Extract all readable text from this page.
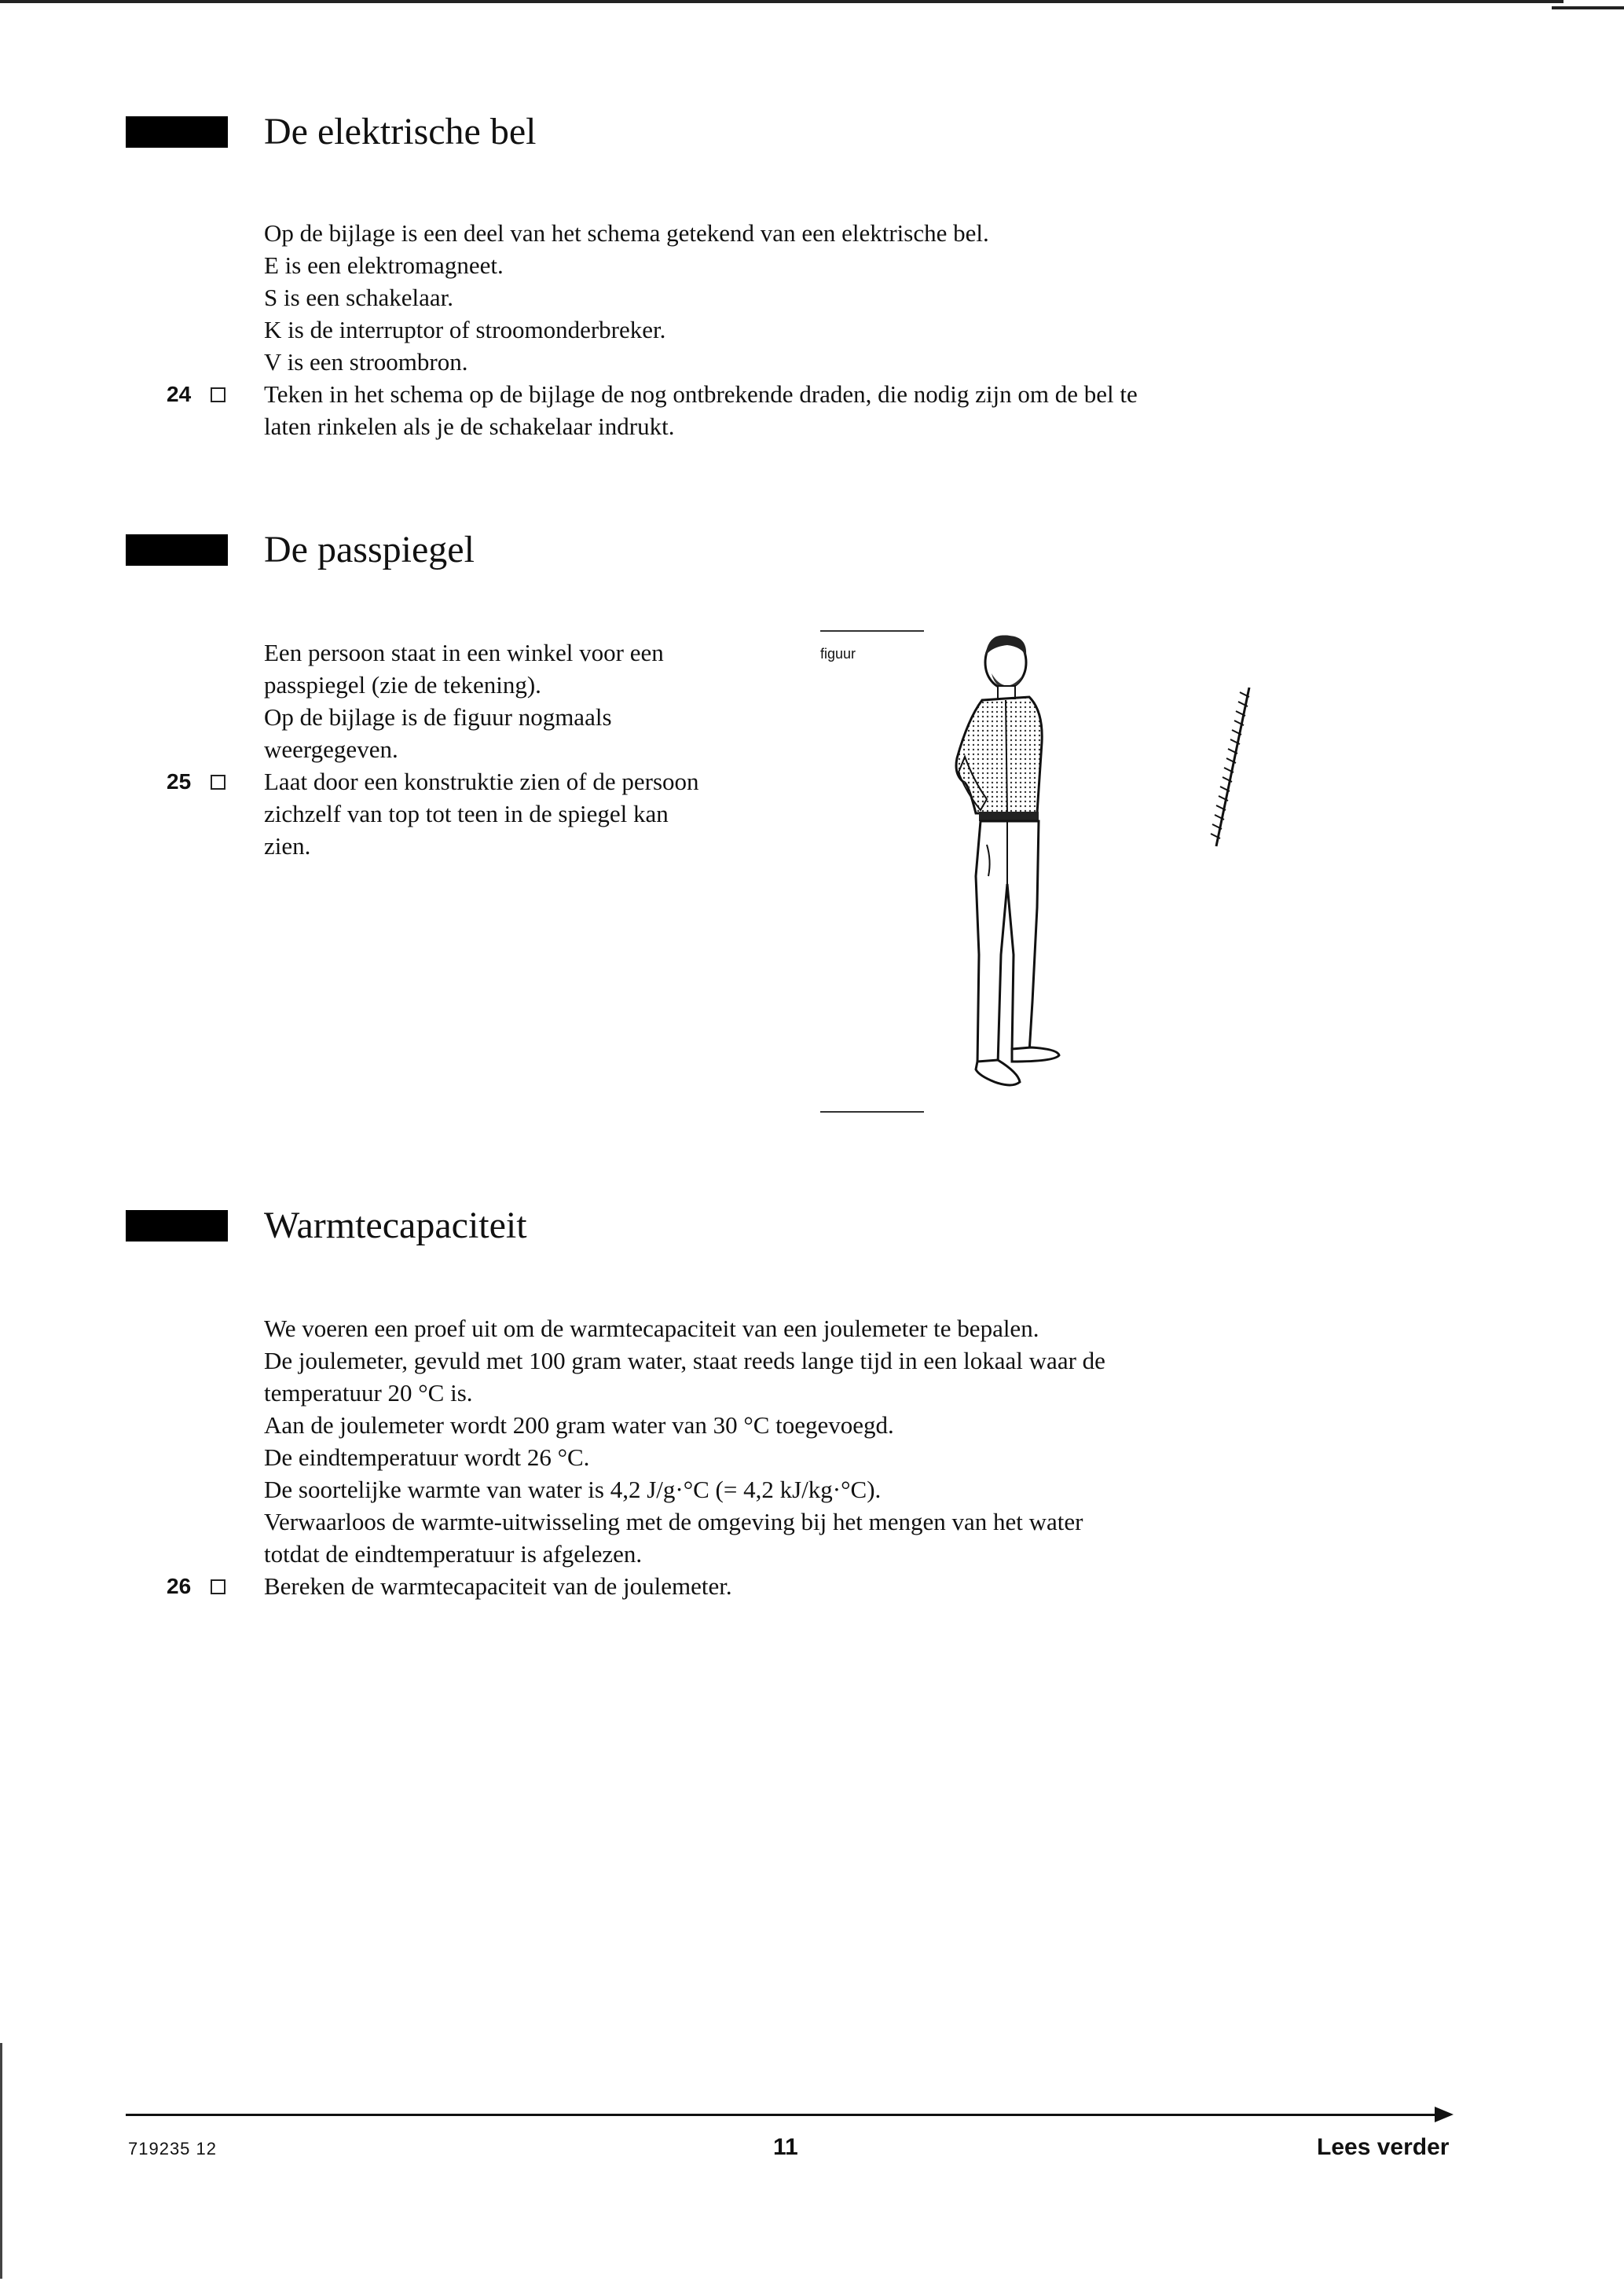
De elektrische bel
Op de bijlage is een deel van het schema getekend van een elektrische bel.
E is een elektromagneet.
S is een schakelaar.
K is de interruptor of stroomonderbreker.
V is een stroombron.
24	Teken in het schema op de bijlage de nog ontbrekende draden, die nodig zijn om de bel te
laten rinkelen als je de schakelaar indrukt.
De passpiegel
Een persoon staat in een winkel voor een
passpiegel (zie de tekening).
Op de bijlage is de figuur nogmaals
weergegeven.
25	Laat door een konstruktie zien of de persoon
zichzelf van top tot teen in de spiegel kan
zien.
figuur
Warmtecapaciteit
We voeren een proef uit om de warmtecapaciteit van een joulemeter te bepalen.
De joulemeter, gevuld met 100 gram water, staat reeds lange tijd in een lokaal waar de
temperatuur 20 °C is.
Aan de joulemeter wordt 200 gram water van 30 °C toegevoegd.
De eindtemperatuur wordt 26 °C.
De soortelijke warmte van water is 4,2 J/g·°C (= 4,2 kJ/kg·°C).
Verwaarloos de warmte-uitwisseling met de omgeving bij het mengen van het water
totdat de eindtemperatuur is afgelezen.
26	Bereken de warmtecapaciteit van de joulemeter.
719235 12	11	Lees verder
